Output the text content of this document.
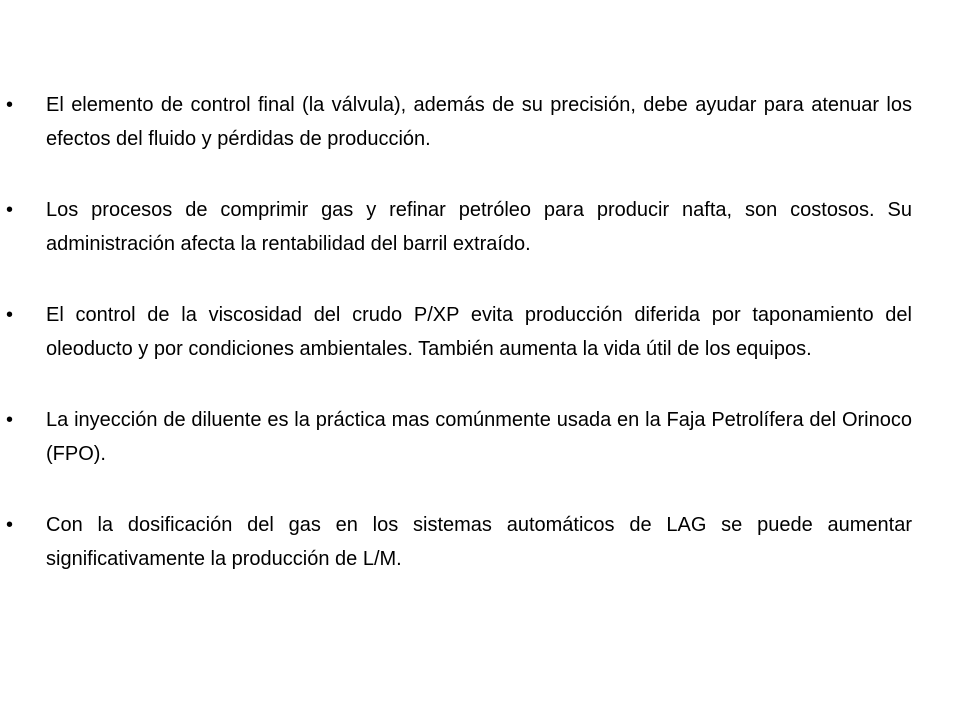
•	El elemento de control final (la válvula), además de su precisión, debe ayudar para atenuar los efectos del fluido y pérdidas de producción.
•	Los procesos de comprimir gas y refinar petróleo para producir nafta, son costosos. Su administración afecta la rentabilidad del barril extraído.
•	El control de la viscosidad del crudo P/XP evita producción diferida por taponamiento del oleoducto y por condiciones ambientales. También aumenta la vida útil de los equipos.
•	La inyección de diluente es la práctica mas comúnmente usada en la Faja Petrolífera del Orinoco (FPO).
•	Con la dosificación del gas en los sistemas automáticos de LAG se puede aumentar significativamente la producción de L/M.
